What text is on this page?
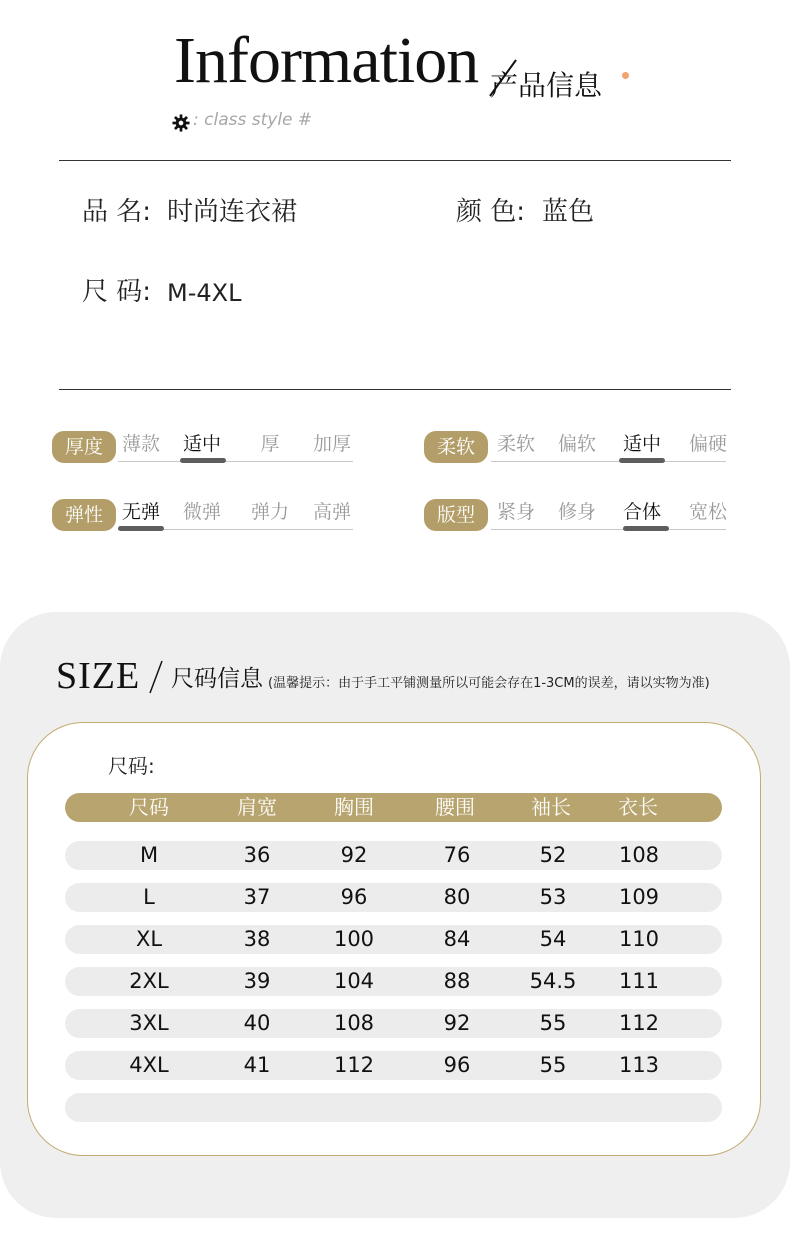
Information 产品信息
: class style #
品 名: 时尚连衣裙	颜 色: 蓝色
尺 码: M-4XL
厚度 薄款	适中	厚	加厚	柔软	柔软	偏软	适中	偏硬
弹性 无弹	微弹	弹力	高弹	版型	紧身	修身	合体	宽松
SIZE 尺码信息 (温馨提示：由于手工平铺测量所以可能会存在1-3CM的误差，请以实物为准)
尺码:
尺码	肩宽	胸围	腰围	袖长	衣长
M	36	92	76	52	108
L	37	96	80	53	109
XL	38	100	84	54	110
2XL	39	104	88	54.5	111
3XL	40	108	92	55	112
4XL	41	112	96	55	113
